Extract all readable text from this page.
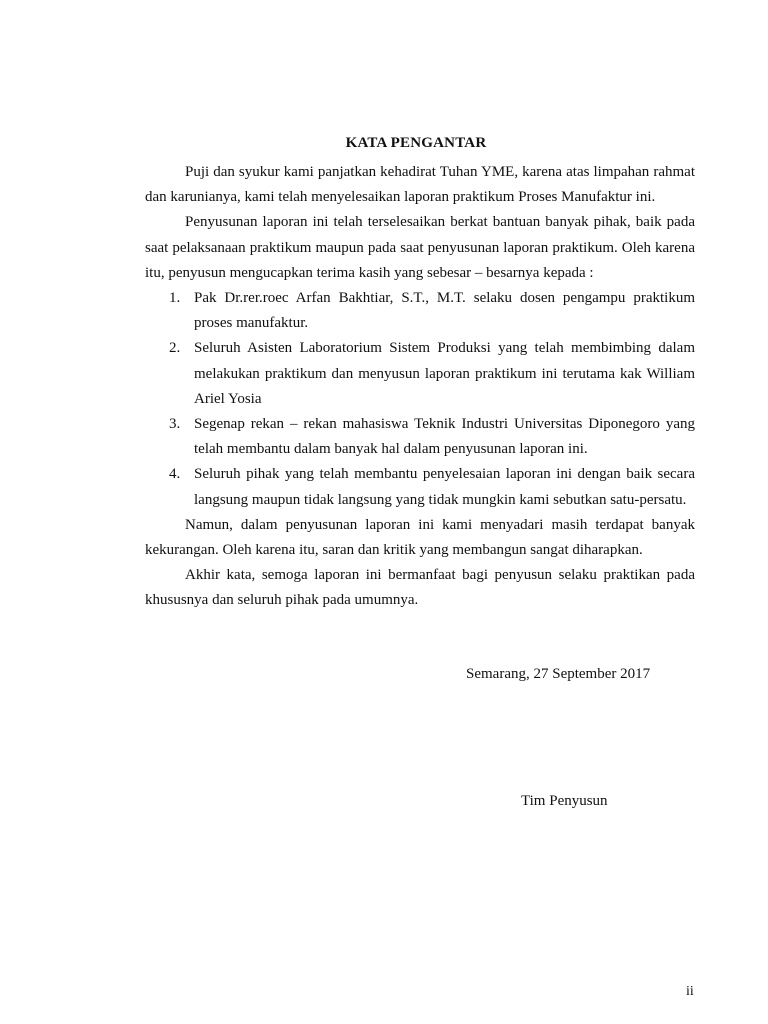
KATA PENGANTAR

Puji dan syukur kami panjatkan kehadirat Tuhan YME, karena atas limpahan rahmat dan karunianya, kami telah menyelesaikan laporan praktikum Proses Manufaktur ini.

Penyusunan laporan ini telah terselesaikan berkat bantuan banyak pihak, baik pada saat pelaksanaan praktikum maupun pada saat penyusunan laporan praktikum. Oleh karena itu, penyusun mengucapkan terima kasih yang sebesar – besarnya kepada :

1. Pak Dr.rer.roec Arfan Bakhtiar, S.T., M.T. selaku dosen pengampu praktikum proses manufaktur.
2. Seluruh Asisten Laboratorium Sistem Produksi yang telah membimbing dalam melakukan praktikum dan menyusun laporan praktikum ini terutama kak William Ariel Yosia
3. Segenap rekan – rekan mahasiswa Teknik Industri Universitas Diponegoro yang telah membantu dalam banyak hal dalam penyusunan laporan ini.
4. Seluruh pihak yang telah membantu penyelesaian laporan ini dengan baik secara langsung maupun tidak langsung yang tidak mungkin kami sebutkan satu-persatu.

Namun, dalam penyusunan laporan ini kami menyadari masih terdapat banyak kekurangan. Oleh karena itu, saran dan kritik yang membangun sangat diharapkan.

Akhir kata, semoga laporan ini bermanfaat bagi penyusun selaku praktikan pada khususnya dan seluruh pihak pada umumnya.

Semarang, 27 September 2017
Tim Penyusun
ii
